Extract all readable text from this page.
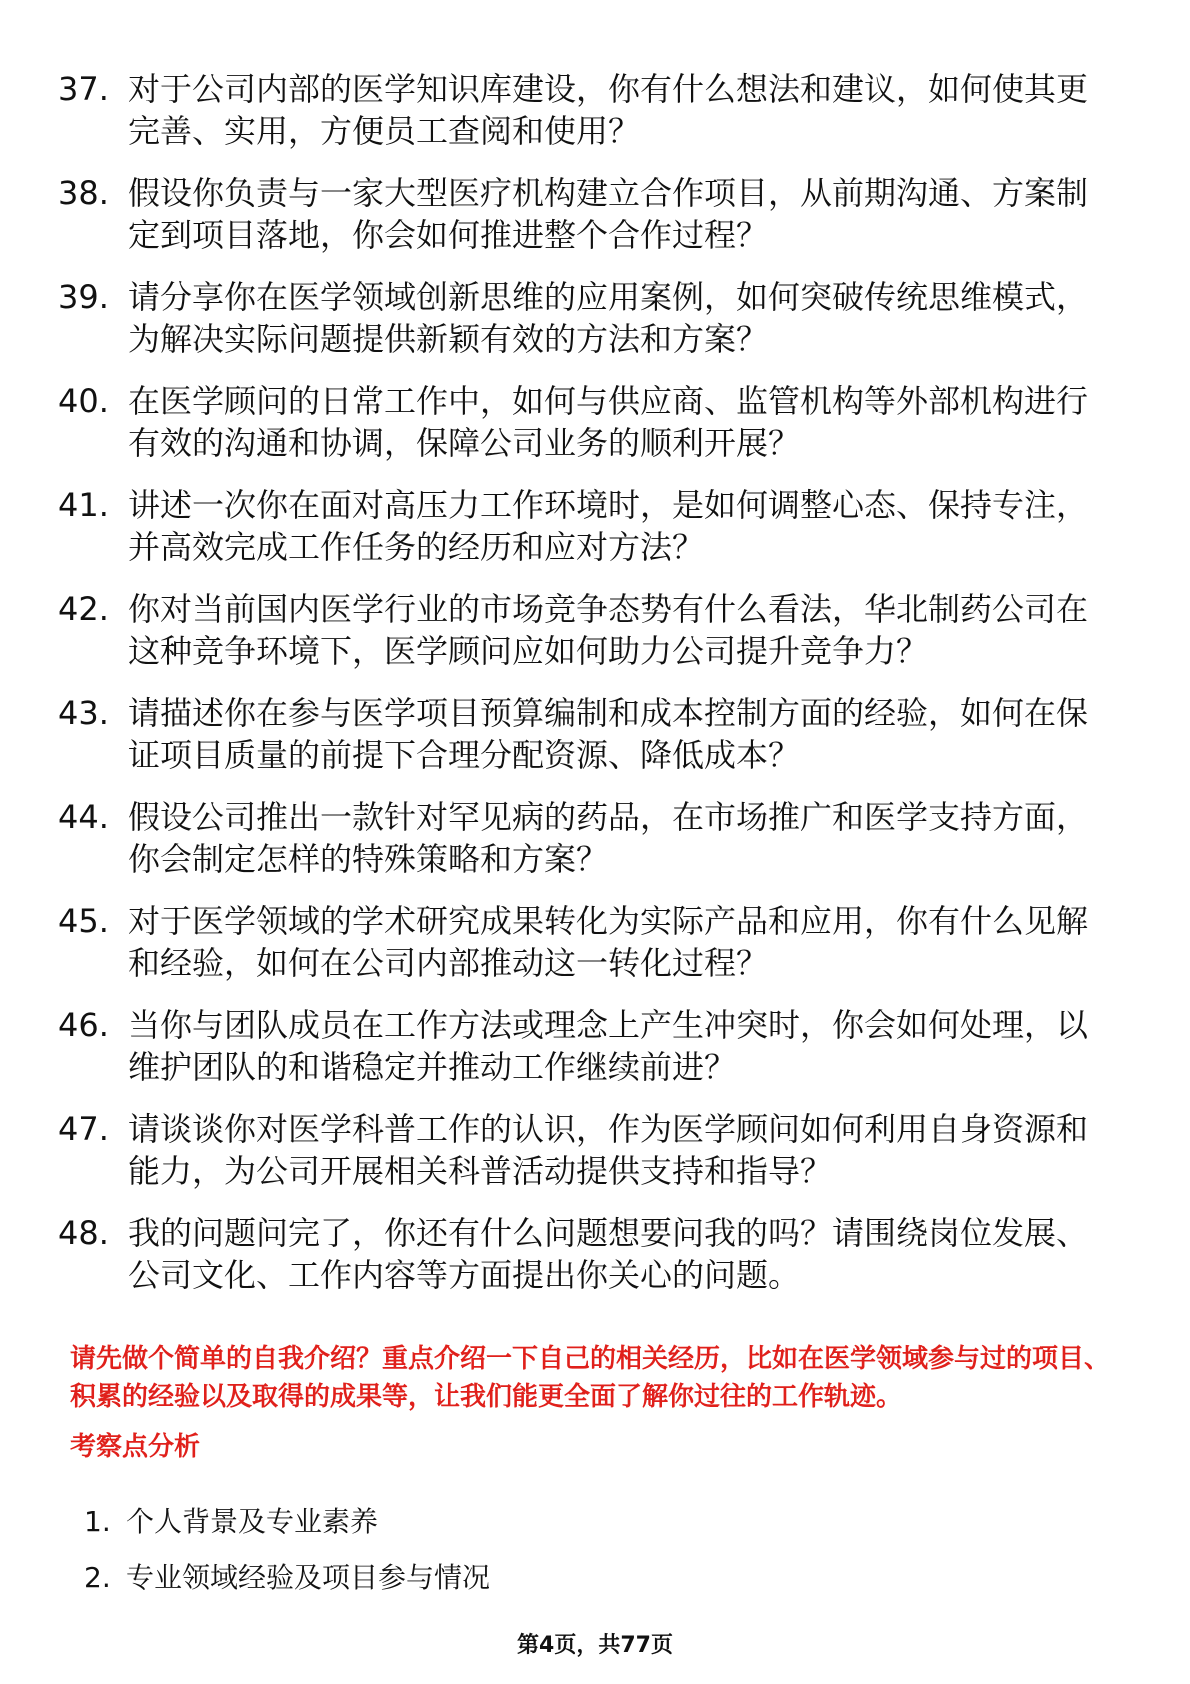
37. 对于公司内部的医学知识库建设，你有什么想法和建议，如何使其更完善、实用，方便员工查阅和使用？
38. 假设你负责与一家大型医疗机构建立合作项目，从前期沟通、方案制定到项目落地，你会如何推进整个合作过程？
39. 请分享你在医学领域创新思维的应用案例，如何突破传统思维模式，为解决实际问题提供新颖有效的方法和方案？
40. 在医学顾问的日常工作中，如何与供应商、监管机构等外部机构进行有效的沟通和协调，保障公司业务的顺利开展？
41. 讲述一次你在面对高压力工作环境时，是如何调整心态、保持专注，并高效完成工作任务的经历和应对方法？
42. 你对当前国内医学行业的市场竞争态势有什么看法，华北制药公司在这种竞争环境下，医学顾问应如何助力公司提升竞争力？
43. 请描述你在参与医学项目预算编制和成本控制方面的经验，如何在保证项目质量的前提下合理分配资源、降低成本？
44. 假设公司推出一款针对罕见病的药品，在市场推广和医学支持方面，你会制定怎样的特殊策略和方案？
45. 对于医学领域的学术研究成果转化为实际产品和应用，你有什么见解和经验，如何在公司内部推动这一转化过程？
46. 当你与团队成员在工作方法或理念上产生冲突时，你会如何处理，以维护团队的和谐稳定并推动工作继续前进？
47. 请谈谈你对医学科普工作的认识，作为医学顾问如何利用自身资源和能力，为公司开展相关科普活动提供支持和指导？
48. 我的问题问完了，你还有什么问题想要问我的吗？请围绕岗位发展、公司文化、工作内容等方面提出你关心的问题。
请先做个简单的自我介绍？重点介绍一下自己的相关经历，比如在医学领域参与过的项目、积累的经验以及取得的成果等，让我们能更全面了解你过往的工作轨迹。
考察点分析
1. 个人背景及专业素养
2. 专业领域经验及项目参与情况
第4页，共77页
